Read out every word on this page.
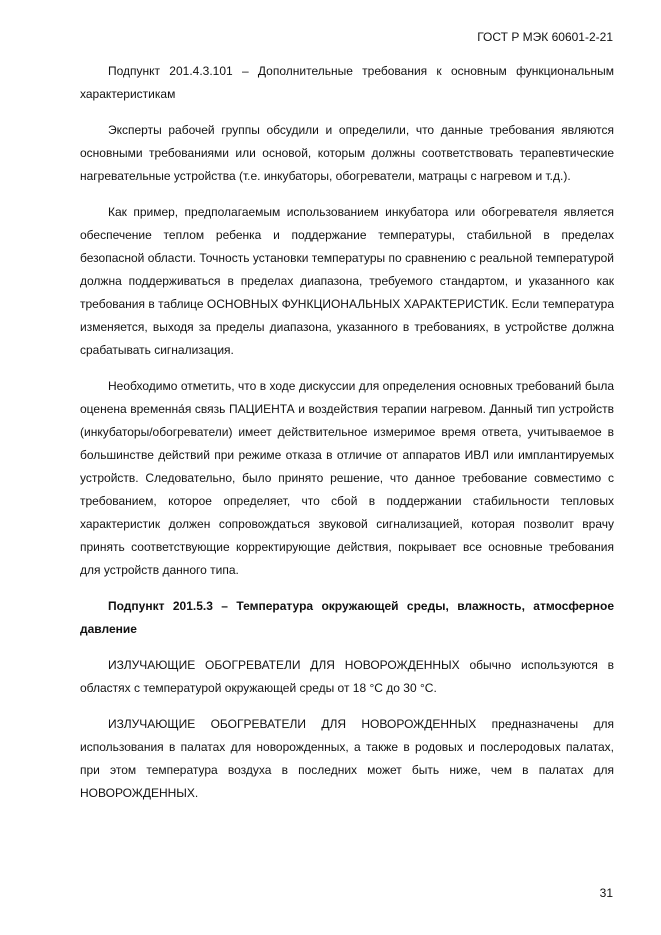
ГОСТ Р МЭК 60601-2-21

Подпункт 201.4.3.101 – Дополнительные требования к основным функциональным характеристикам

Эксперты рабочей группы обсудили и определили, что данные требования являются основными требованиями или основой, которым должны соответствовать терапевтические нагревательные устройства (т.е. инкубаторы, обогреватели, матрацы с нагревом и т.д.).

Как пример, предполагаемым использованием инкубатора или обогревателя является обеспечение теплом ребенка и поддержание температуры, стабильной в пределах безопасной области. Точность установки температуры по сравнению с реальной температурой должна поддерживаться в пределах диапазона, требуемого стандартом, и указанного как требования в таблице ОСНОВНЫХ ФУНКЦИОНАЛЬНЫХ ХАРАКТЕРИСТИК. Если температура изменяется, выходя за пределы диапазона, указанного в требованиях, в устройстве должна срабатывать сигнализация.

Необходимо отметить, что в ходе дискуссии для определения основных требований была оценена временна́я связь ПАЦИЕНТА и воздействия терапии нагревом. Данный тип устройств (инкубаторы/обогреватели) имеет действительное измеримое время ответа, учитываемое в большинстве действий при режиме отказа в отличие от аппаратов ИВЛ или имплантируемых устройств. Следовательно, было принято решение, что данное требование совместимо с требованием, которое определяет, что сбой в поддержании стабильности тепловых характеристик должен сопровождаться звуковой сигнализацией, которая позволит врачу принять соответствующие корректирующие действия, покрывает все основные требования для устройств данного типа.

Подпункт 201.5.3 – Температура окружающей среды, влажность, атмосферное давление

ИЗЛУЧАЮЩИЕ ОБОГРЕВАТЕЛИ ДЛЯ НОВОРОЖДЕННЫХ обычно используются в областях с температурой окружающей среды от 18 °С до 30 °С.

ИЗЛУЧАЮЩИЕ ОБОГРЕВАТЕЛИ ДЛЯ НОВОРОЖДЕННЫХ предназначены для использования в палатах для новорожденных, а также в родовых и послеродовых палатах, при этом температура воздуха в последних может быть ниже, чем в палатах для НОВОРОЖДЕННЫХ.

31
